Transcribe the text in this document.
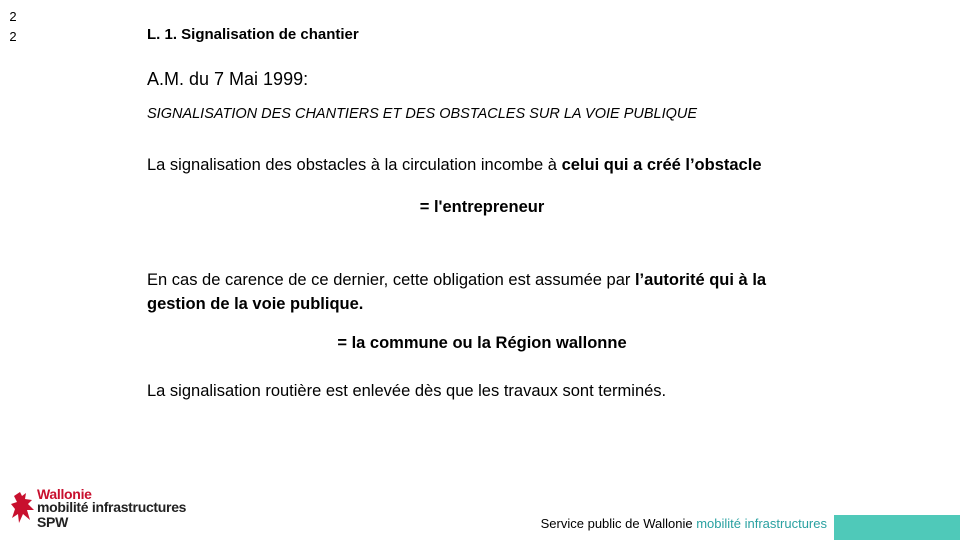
2
2	L. 1. Signalisation de chantier
A.M. du 7 Mai 1999:
SIGNALISATION DES CHANTIERS ET DES OBSTACLES SUR LA VOIE PUBLIQUE
La signalisation des obstacles à la circulation incombe à celui qui a créé l’obstacle
= l'entrepreneur
En cas de carence de ce dernier, cette obligation est assumée par l’autorité qui à la gestion de la voie publique.
= la commune ou la Région wallonne
La signalisation routière est enlevée dès que les travaux sont terminés.
Wallonie
mobilité infrastructures
SPW	Service public de Wallonie mobilité infrastructures
